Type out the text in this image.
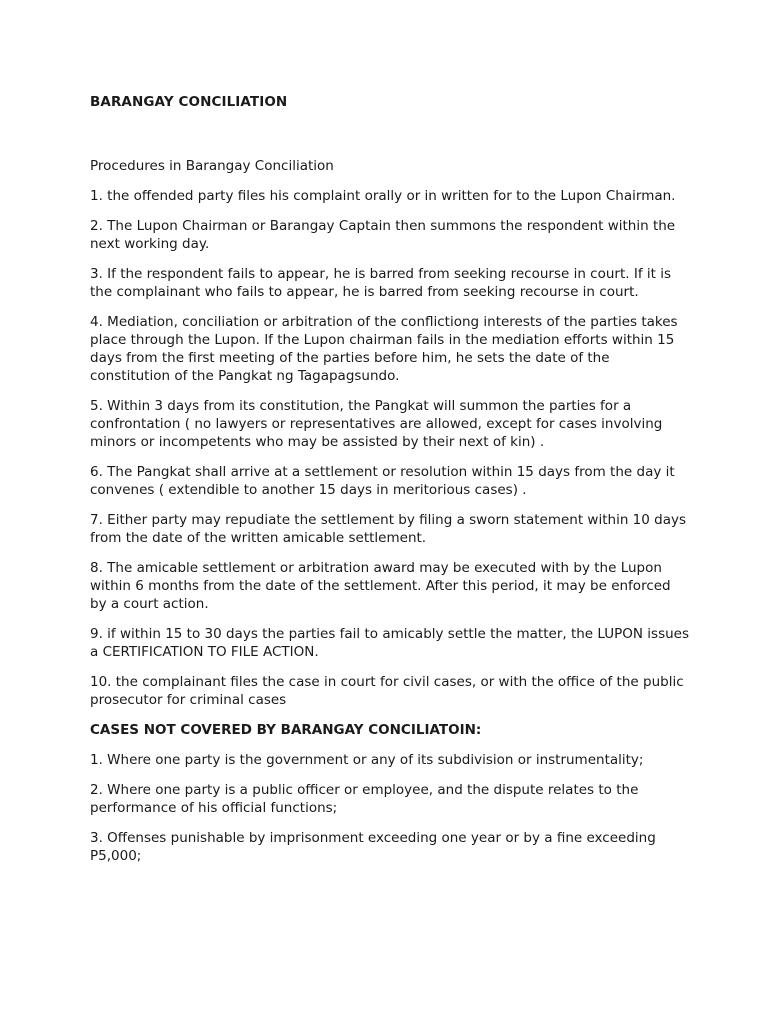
BARANGAY CONCILIATION
Procedures in Barangay Conciliation

1. the offended party files his complaint orally or in written for to the Lupon Chairman.

2. The Lupon Chairman or Barangay Captain then summons the respondent within the next working day.

3. If the respondent fails to appear, he is barred from seeking recourse in court. If it is the complainant who fails to appear, he is barred from seeking recourse in court.

4. Mediation, conciliation or arbitration of the conflictiong interests of the parties takes place through the Lupon. If the Lupon chairman fails in the mediation efforts within 15 days from the first meeting of the parties before him, he sets the date of the constitution of the Pangkat ng Tagapagsundo.

5. Within 3 days from its constitution, the Pangkat will summon the parties for a confrontation ( no lawyers or representatives are allowed, except for cases involving minors or incompetents who may be assisted by their next of kin) .

6. The Pangkat shall arrive at a settlement or resolution within 15 days from the day it convenes ( extendible to another 15 days in meritorious cases) .

7. Either party may repudiate the settlement by filing a sworn statement within 10 days from the date of the written amicable settlement.

8. The amicable settlement or arbitration award may be executed with by the Lupon within 6 months from the date of the settlement. After this period, it may be enforced by a court action.

9. if within 15 to 30 days the parties fail to amicably settle the matter, the LUPON issues a CERTIFICATION TO FILE ACTION.

10. the complainant files the case in court for civil cases, or with the office of the public prosecutor for criminal cases

CASES NOT COVERED BY BARANGAY CONCILIATOIN:

1. Where one party is the government or any of its subdivision or instrumentality;

2. Where one party is a public officer or employee, and the dispute relates to the performance of his official functions;

3. Offenses punishable by imprisonment exceeding one year or by a fine exceeding P5,000;
